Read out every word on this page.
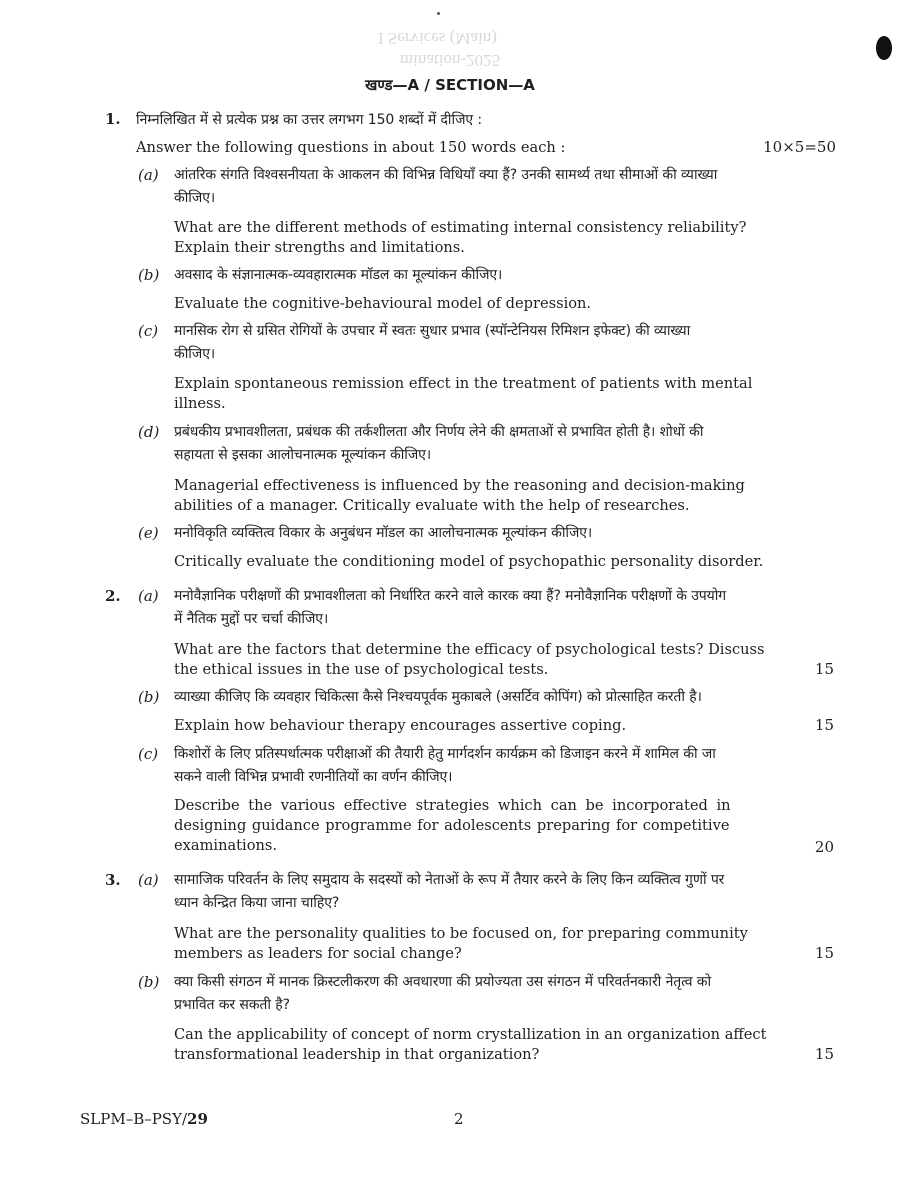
I Services (Main)
mination-2025
खण्ड—A / SECTION—A
1. निम्नलिखित में से प्रत्येक प्रश्न का उत्तर लगभग 150 शब्दों में दीजिए :
Answer the following questions in about 150 words each :	10×5=50
(a) आंतरिक संगति विश्वसनीयता के आकलन की विभिन्न विधियाँ क्या हैं? उनकी सामर्थ्य तथा सीमाओं की व्याख्या
कीजिए।
What are the different methods of estimating internal consistency reliability?
Explain their strengths and limitations.
(b) अवसाद के संज्ञानात्मक-व्यवहारात्मक मॉडल का मूल्यांकन कीजिए।
Evaluate the cognitive-behavioural model of depression.
(c) मानसिक रोग से ग्रसित रोगियों के उपचार में स्वतः सुधार प्रभाव (स्पॉन्टेनियस रिमिशन इफेक्ट) की व्याख्या
कीजिए।
Explain spontaneous remission effect in the treatment of patients with mental
illness.
(d) प्रबंधकीय प्रभावशीलता, प्रबंधक की तर्कशीलता और निर्णय लेने की क्षमताओं से प्रभावित होती है। शोधों की
सहायता से इसका आलोचनात्मक मूल्यांकन कीजिए।
Managerial effectiveness is influenced by the reasoning and decision-making
abilities of a manager. Critically evaluate with the help of researches.
(e) मनोविकृति व्यक्तित्व विकार के अनुबंधन मॉडल का आलोचनात्मक मूल्यांकन कीजिए।
Critically evaluate the conditioning model of psychopathic personality disorder.
2. (a) मनोवैज्ञानिक परीक्षणों की प्रभावशीलता को निर्धारित करने वाले कारक क्या हैं? मनोवैज्ञानिक परीक्षणों के उपयोग
में नैतिक मुद्दों पर चर्चा कीजिए।
What are the factors that determine the efficacy of psychological tests? Discuss
the ethical issues in the use of psychological tests.	15
(b) व्याख्या कीजिए कि व्यवहार चिकित्सा कैसे निश्चयपूर्वक मुकाबले (असर्टिव कोपिंग) को प्रोत्साहित करती है।
Explain how behaviour therapy encourages assertive coping.	15
(c) किशोरों के लिए प्रतिस्पर्धात्मक परीक्षाओं की तैयारी हेतु मार्गदर्शन कार्यक्रम को डिजाइन करने में शामिल की जा
सकने वाली विभिन्न प्रभावी रणनीतियों का वर्णन कीजिए।
Describe the various effective strategies which can be incorporated in
designing guidance programme for adolescents preparing for competitive
examinations.	20
3. (a) सामाजिक परिवर्तन के लिए समुदाय के सदस्यों को नेताओं के रूप में तैयार करने के लिए किन व्यक्तित्व गुणों पर
ध्यान केन्द्रित किया जाना चाहिए?
What are the personality qualities to be focused on, for preparing community
members as leaders for social change?	15
(b) क्या किसी संगठन में मानक क्रिस्टलीकरण की अवधारणा की प्रयोज्यता उस संगठन में परिवर्तनकारी नेतृत्व को
प्रभावित कर सकती है?
Can the applicability of concept of norm crystallization in an organization affect
transformational leadership in that organization?	15
SLPM–B–PSY/29	2
